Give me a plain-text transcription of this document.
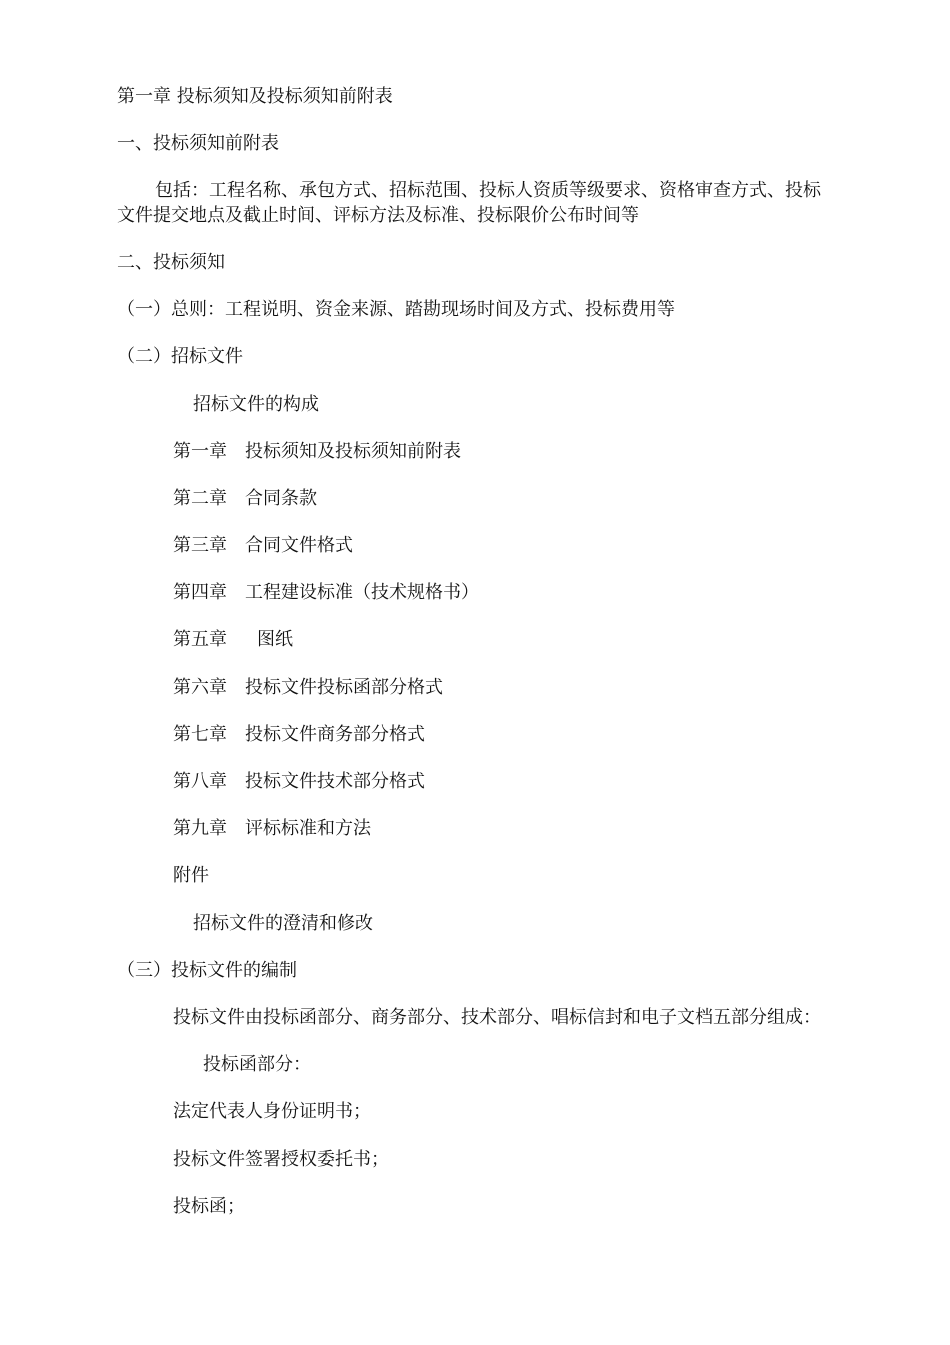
第一章 投标须知及投标须知前附表
一、投标须知前附表
包括：工程名称、承包方式、招标范围、投标人资质等级要求、资格审查方式、投标
文件提交地点及截止时间、评标方法及标准、投标限价公布时间等
二、投标须知
（一）总则：工程说明、资金来源、踏勘现场时间及方式、投标费用等
（二）招标文件
招标文件的构成
第一章 投标须知及投标须知前附表
第二章 合同条款
第三章 合同文件格式
第四章 工程建设标准（技术规格书）
第五章 图纸
第六章 投标文件投标函部分格式
第七章 投标文件商务部分格式
第八章 投标文件技术部分格式
第九章 评标标准和方法
附件
招标文件的澄清和修改
（三）投标文件的编制
投标文件由投标函部分、商务部分、技术部分、唱标信封和电子文档五部分组成：
投标函部分：
法定代表人身份证明书；
投标文件签署授权委托书；
投标函；
